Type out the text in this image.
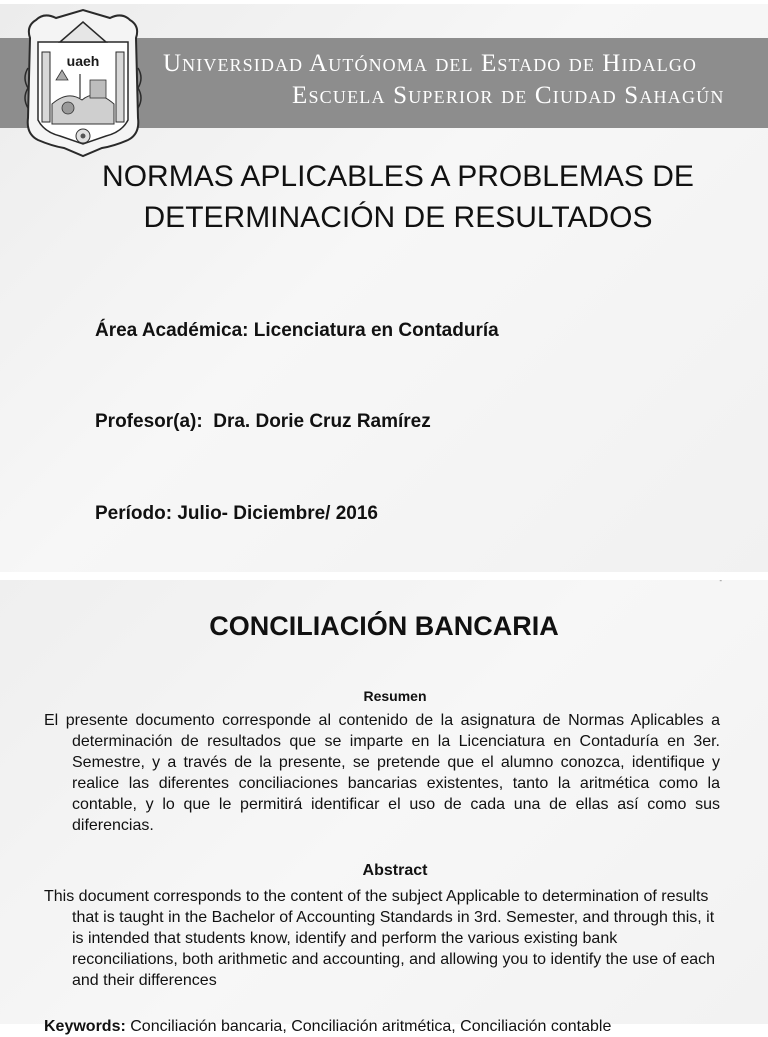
Universidad Autónoma del Estado de Hidalgo
Escuela Superior de Ciudad Sahagún
uaeh
NORMAS APLICABLES A PROBLEMAS DE
DETERMINACIÓN DE RESULTADOS
Área Académica: Licenciatura en Contaduría
Profesor(a):  Dra. Dorie Cruz Ramírez
Período: Julio- Diciembre/ 2016
-
CONCILIACIÓN BANCARIA
Resumen
El presente documento corresponde al contenido de la asignatura de Normas Aplicables a determinación de resultados que se imparte en la Licenciatura en Contaduría en 3er. Semestre, y a través de la presente, se pretende que el alumno conozca, identifique y realice las diferentes conciliaciones bancarias existentes, tanto la aritmética como la contable, y lo que le permitirá identificar el uso de cada una de ellas así como sus diferencias.
Abstract
This document corresponds to the content of the subject Applicable to determination of results that is taught in the Bachelor of Accounting Standards in 3rd. Semester, and through this, it is intended that students know, identify and perform the various existing bank reconciliations, both arithmetic and accounting, and allowing you to identify the use of each and their differences
Keywords: Conciliación bancaria, Conciliación aritmética, Conciliación contable
